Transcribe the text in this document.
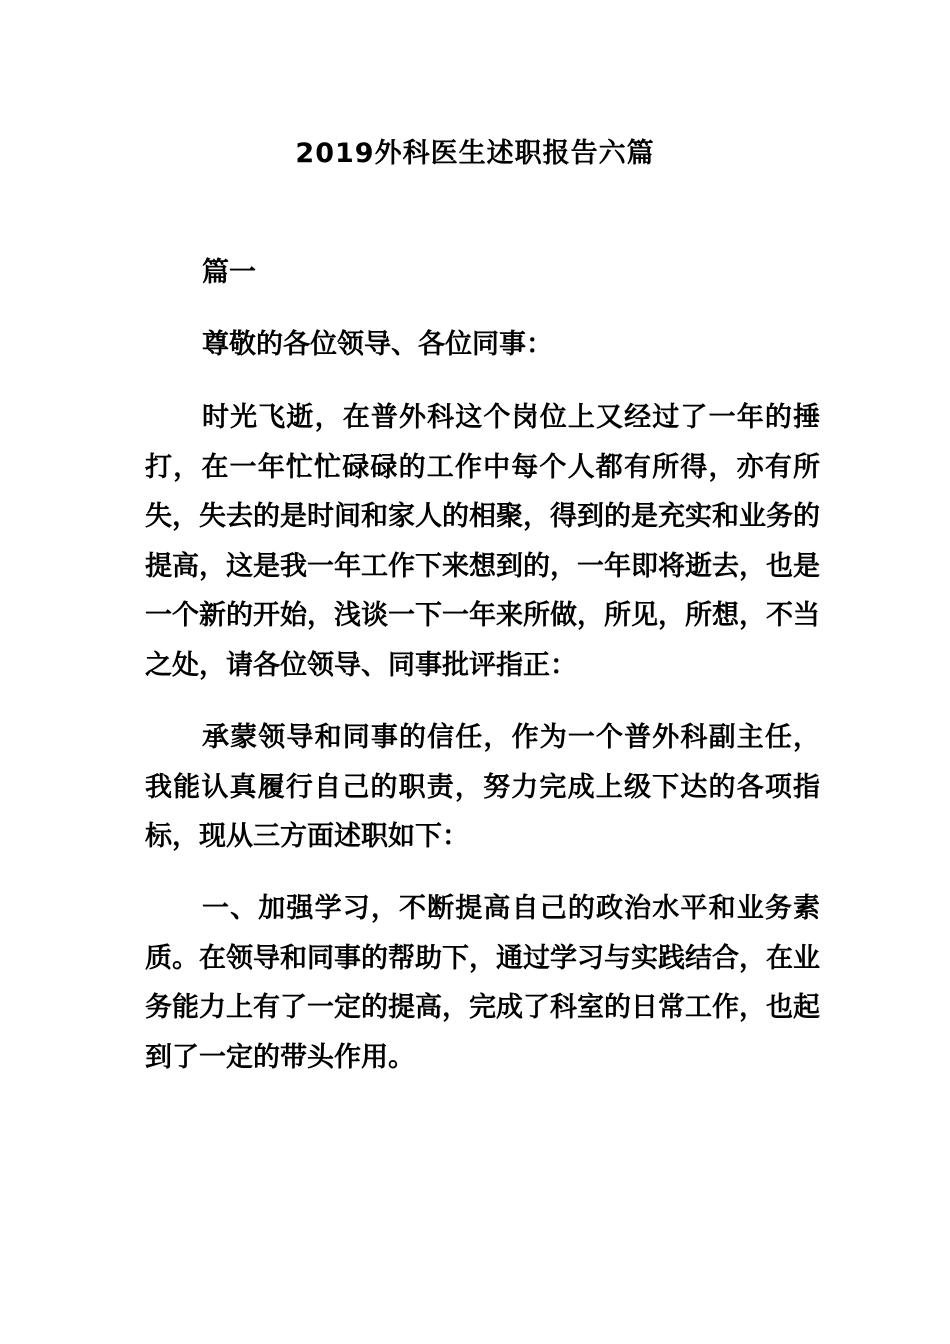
2019外科医生述职报告六篇
篇一
尊敬的各位领导、各位同事：

时光飞逝，在普外科这个岗位上又经过了一年的捶打，在一年忙忙碌碌的工作中每个人都有所得，亦有所失，失去的是时间和家人的相聚，得到的是充实和业务的提高，这是我一年工作下来想到的，一年即将逝去，也是一个新的开始，浅谈一下一年来所做，所见，所想，不当之处，请各位领导、同事批评指正：

承蒙领导和同事的信任，作为一个普外科副主任，我能认真履行自己的职责，努力完成上级下达的各项指标，现从三方面述职如下：

一、加强学习，不断提高自己的政治水平和业务素质。在领导和同事的帮助下，通过学习与实践结合，在业务能力上有了一定的提高，完成了科室的日常工作，也起到了一定的带头作用。
